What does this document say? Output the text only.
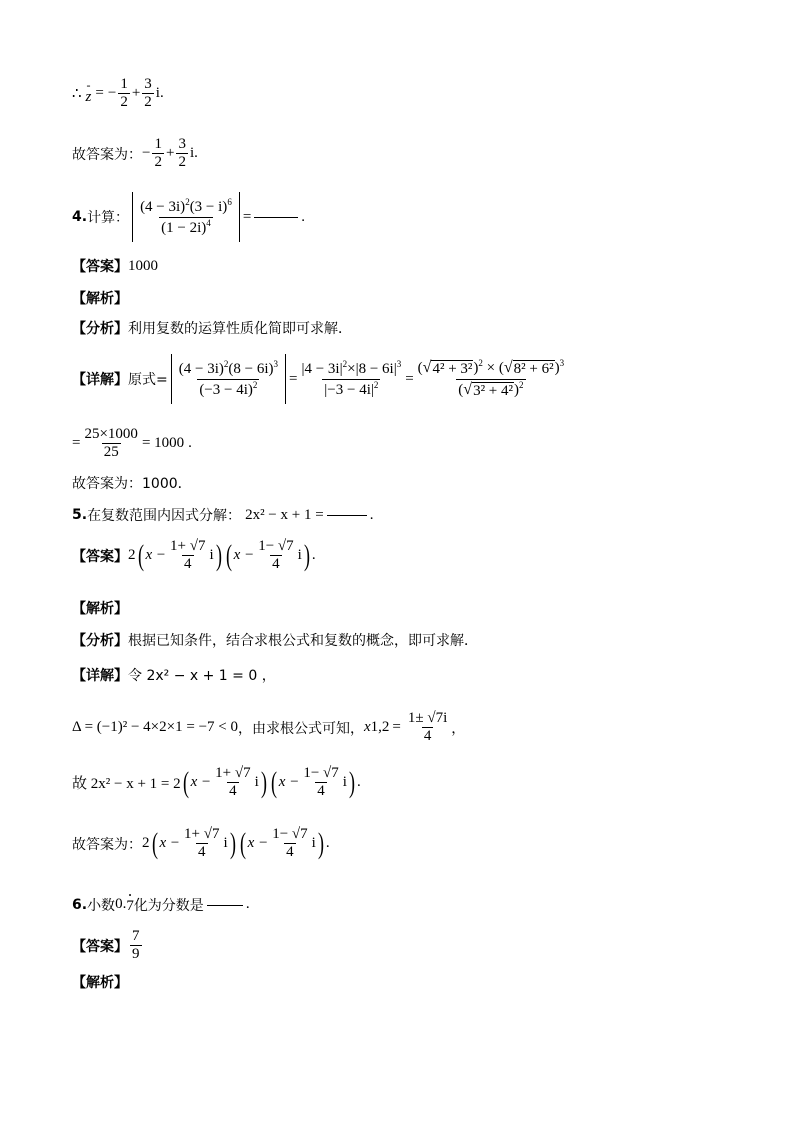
∴
-
z = − $\frac{1}{2} + \frac{3}{2} i$.
故答案为： − $\frac{1}{2} + \frac{3}{2} i$.
4. 计算： $\frac{(4 - 3i)^2(3 - i)^6}{(1 - 2i)^4}$ =	.
【答案】 1000
【解析】
【分析】 利用复数的运算性质化简即可求解．
【详解】 原式= $\frac{(4 - 3i)^2(8 - 6i)^3}{(-3 - 4i)^2} = \frac{|4 - 3i|^2\times|8 - 6i|^3}{|-3 - 4i|^2} = \frac{( √ 4^2 + 3^2 )^2 \times ( √ 8^2 + 6^2 )^3}{( √ 3^2 + 4^2 )^2}$
= $\frac{25\times 1000}{25} = 1000$ .
故答案为：1000．
5. 在复数范围内因式分解： 2x² − x + 1 =	.
【答案】 2 ( $x - \frac{1+ √7}{4}$ i ) ( $x - \frac{1- √7}{4}$ i ) .
【解析】
【分析】 根据已知条件，结合求根公式和复数的概念，即可求解．
【详解】 令 2x² − x + 1 = 0 ，
Δ = (−1)² − 4×2×1 = −7 < 0 ，由求根公式可知， x $1,2 = \frac{1\pm √7i}{4}$ ，
故 2x² − x + 1 = 2 ( $x - \frac{1+ √7}{4}$ i ) ( $x - \frac{1- √7}{4}$ i ) .
故答案为： 2 ( $x - \frac{1+ √7}{4}$ i ) ( $x - \frac{1- √7}{4}$ i ) .
6. 小数 0.
•
7 化为分数是	.
【答案】 $\frac{7}{9}$
【解析】
